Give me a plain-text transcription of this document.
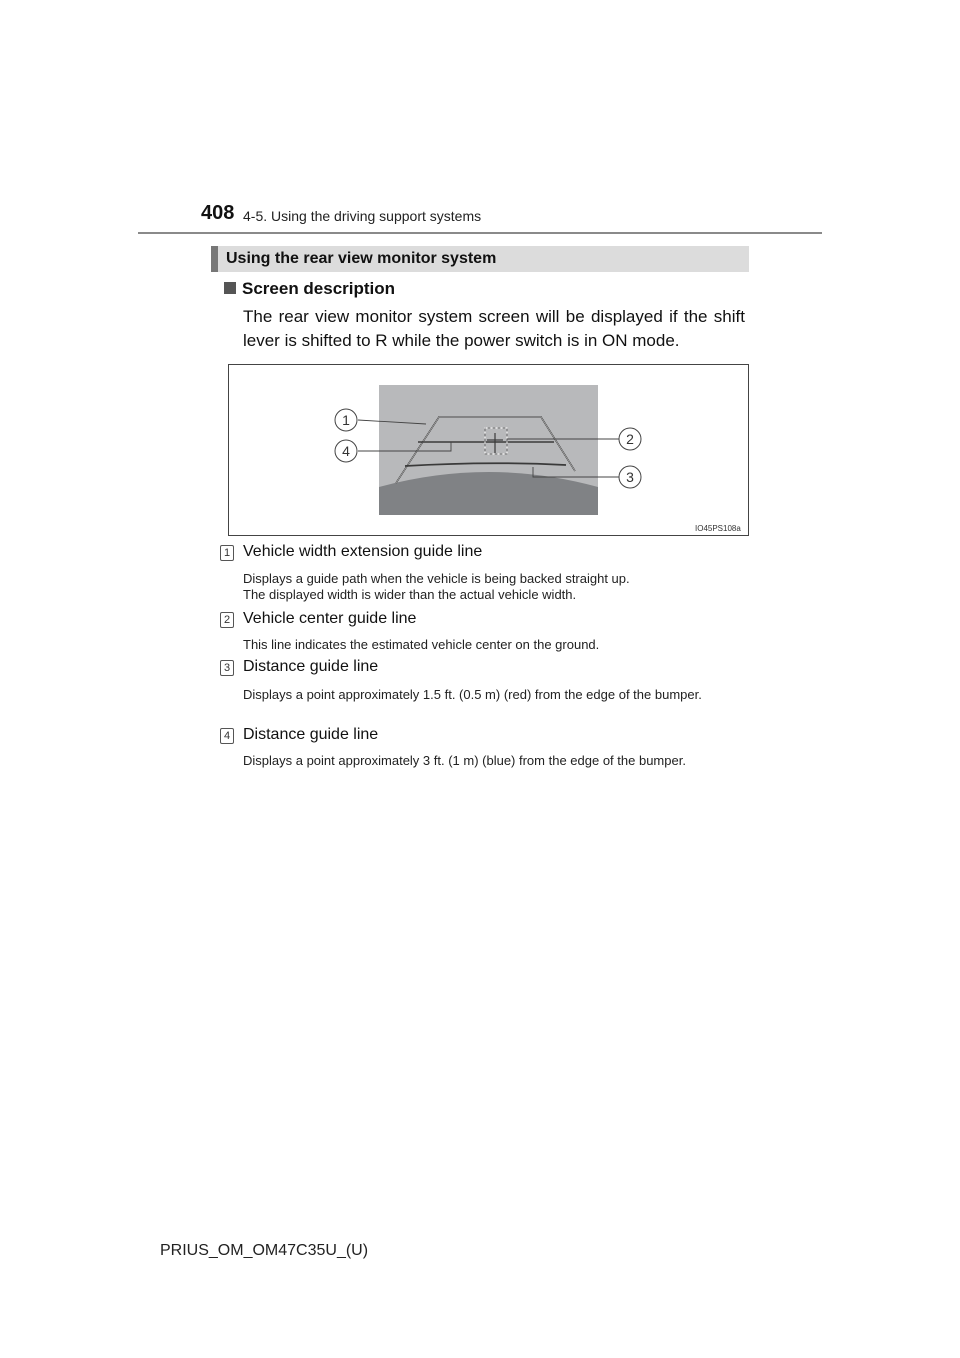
408 4-5. Using the driving support systems
Using the rear view monitor system
Screen description
The rear view monitor system screen will be displayed if the shift lever is shifted to R while the power switch is in ON mode.
1
4
2
3
IO45PS108a
1 Vehicle width extension guide line
Displays a guide path when the vehicle is being backed straight up.
The displayed width is wider than the actual vehicle width.
2 Vehicle center guide line
This line indicates the estimated vehicle center on the ground.
3 Distance guide line
Displays a point approximately 1.5 ft. (0.5 m) (red) from the edge of the bumper.
4 Distance guide line
Displays a point approximately 3 ft. (1 m) (blue) from the edge of the bumper.
PRIUS_OM_OM47C35U_(U)
